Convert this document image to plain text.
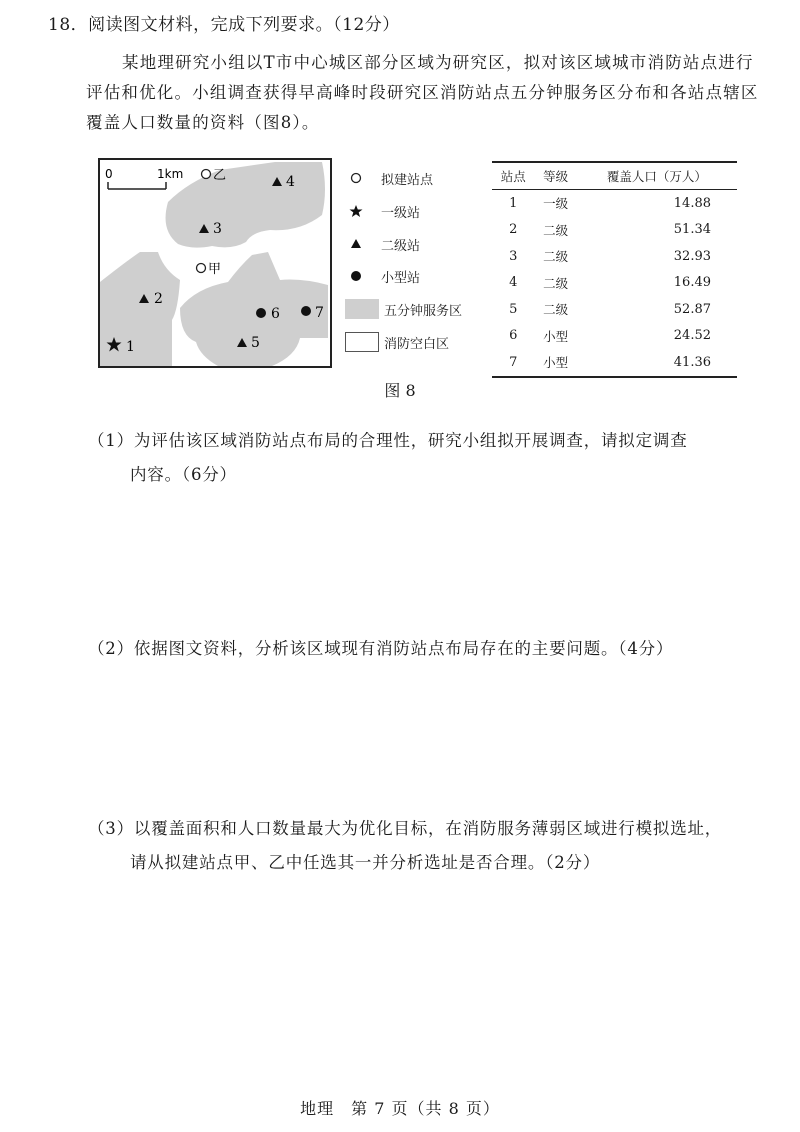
18．阅读图文材料，完成下列要求。（12分）
某地理研究小组以T市中心城区部分区域为研究区，拟对该区域城市消防站点进行评估和优化。小组调查获得早高峰时段研究区消防站点五分钟服务区分布和各站点辖区覆盖人口数量的资料（图8）。
0	1km 乙
甲
4
3
2
6	7
5
1
拟建站点
一级站
二级站
小型站
五分钟服务区
消防空白区
站点	等级	覆盖人口（万人）
1	一级	14.88
2	二级	51.34
3	二级	32.93
4	二级	16.49
5	二级	52.87
6	小型	24.52
7	小型	41.36
图 8
（1）为评估该区域消防站点布局的合理性，研究小组拟开展调查，请拟定调查
内容。（6分）
（2）依据图文资料，分析该区域现有消防站点布局存在的主要问题。（4分）
（3）以覆盖面积和人口数量最大为优化目标，在消防服务薄弱区域进行模拟选址，
请从拟建站点甲、乙中任选其一并分析选址是否合理。（2分）
地理　第 7 页（共 8 页）
